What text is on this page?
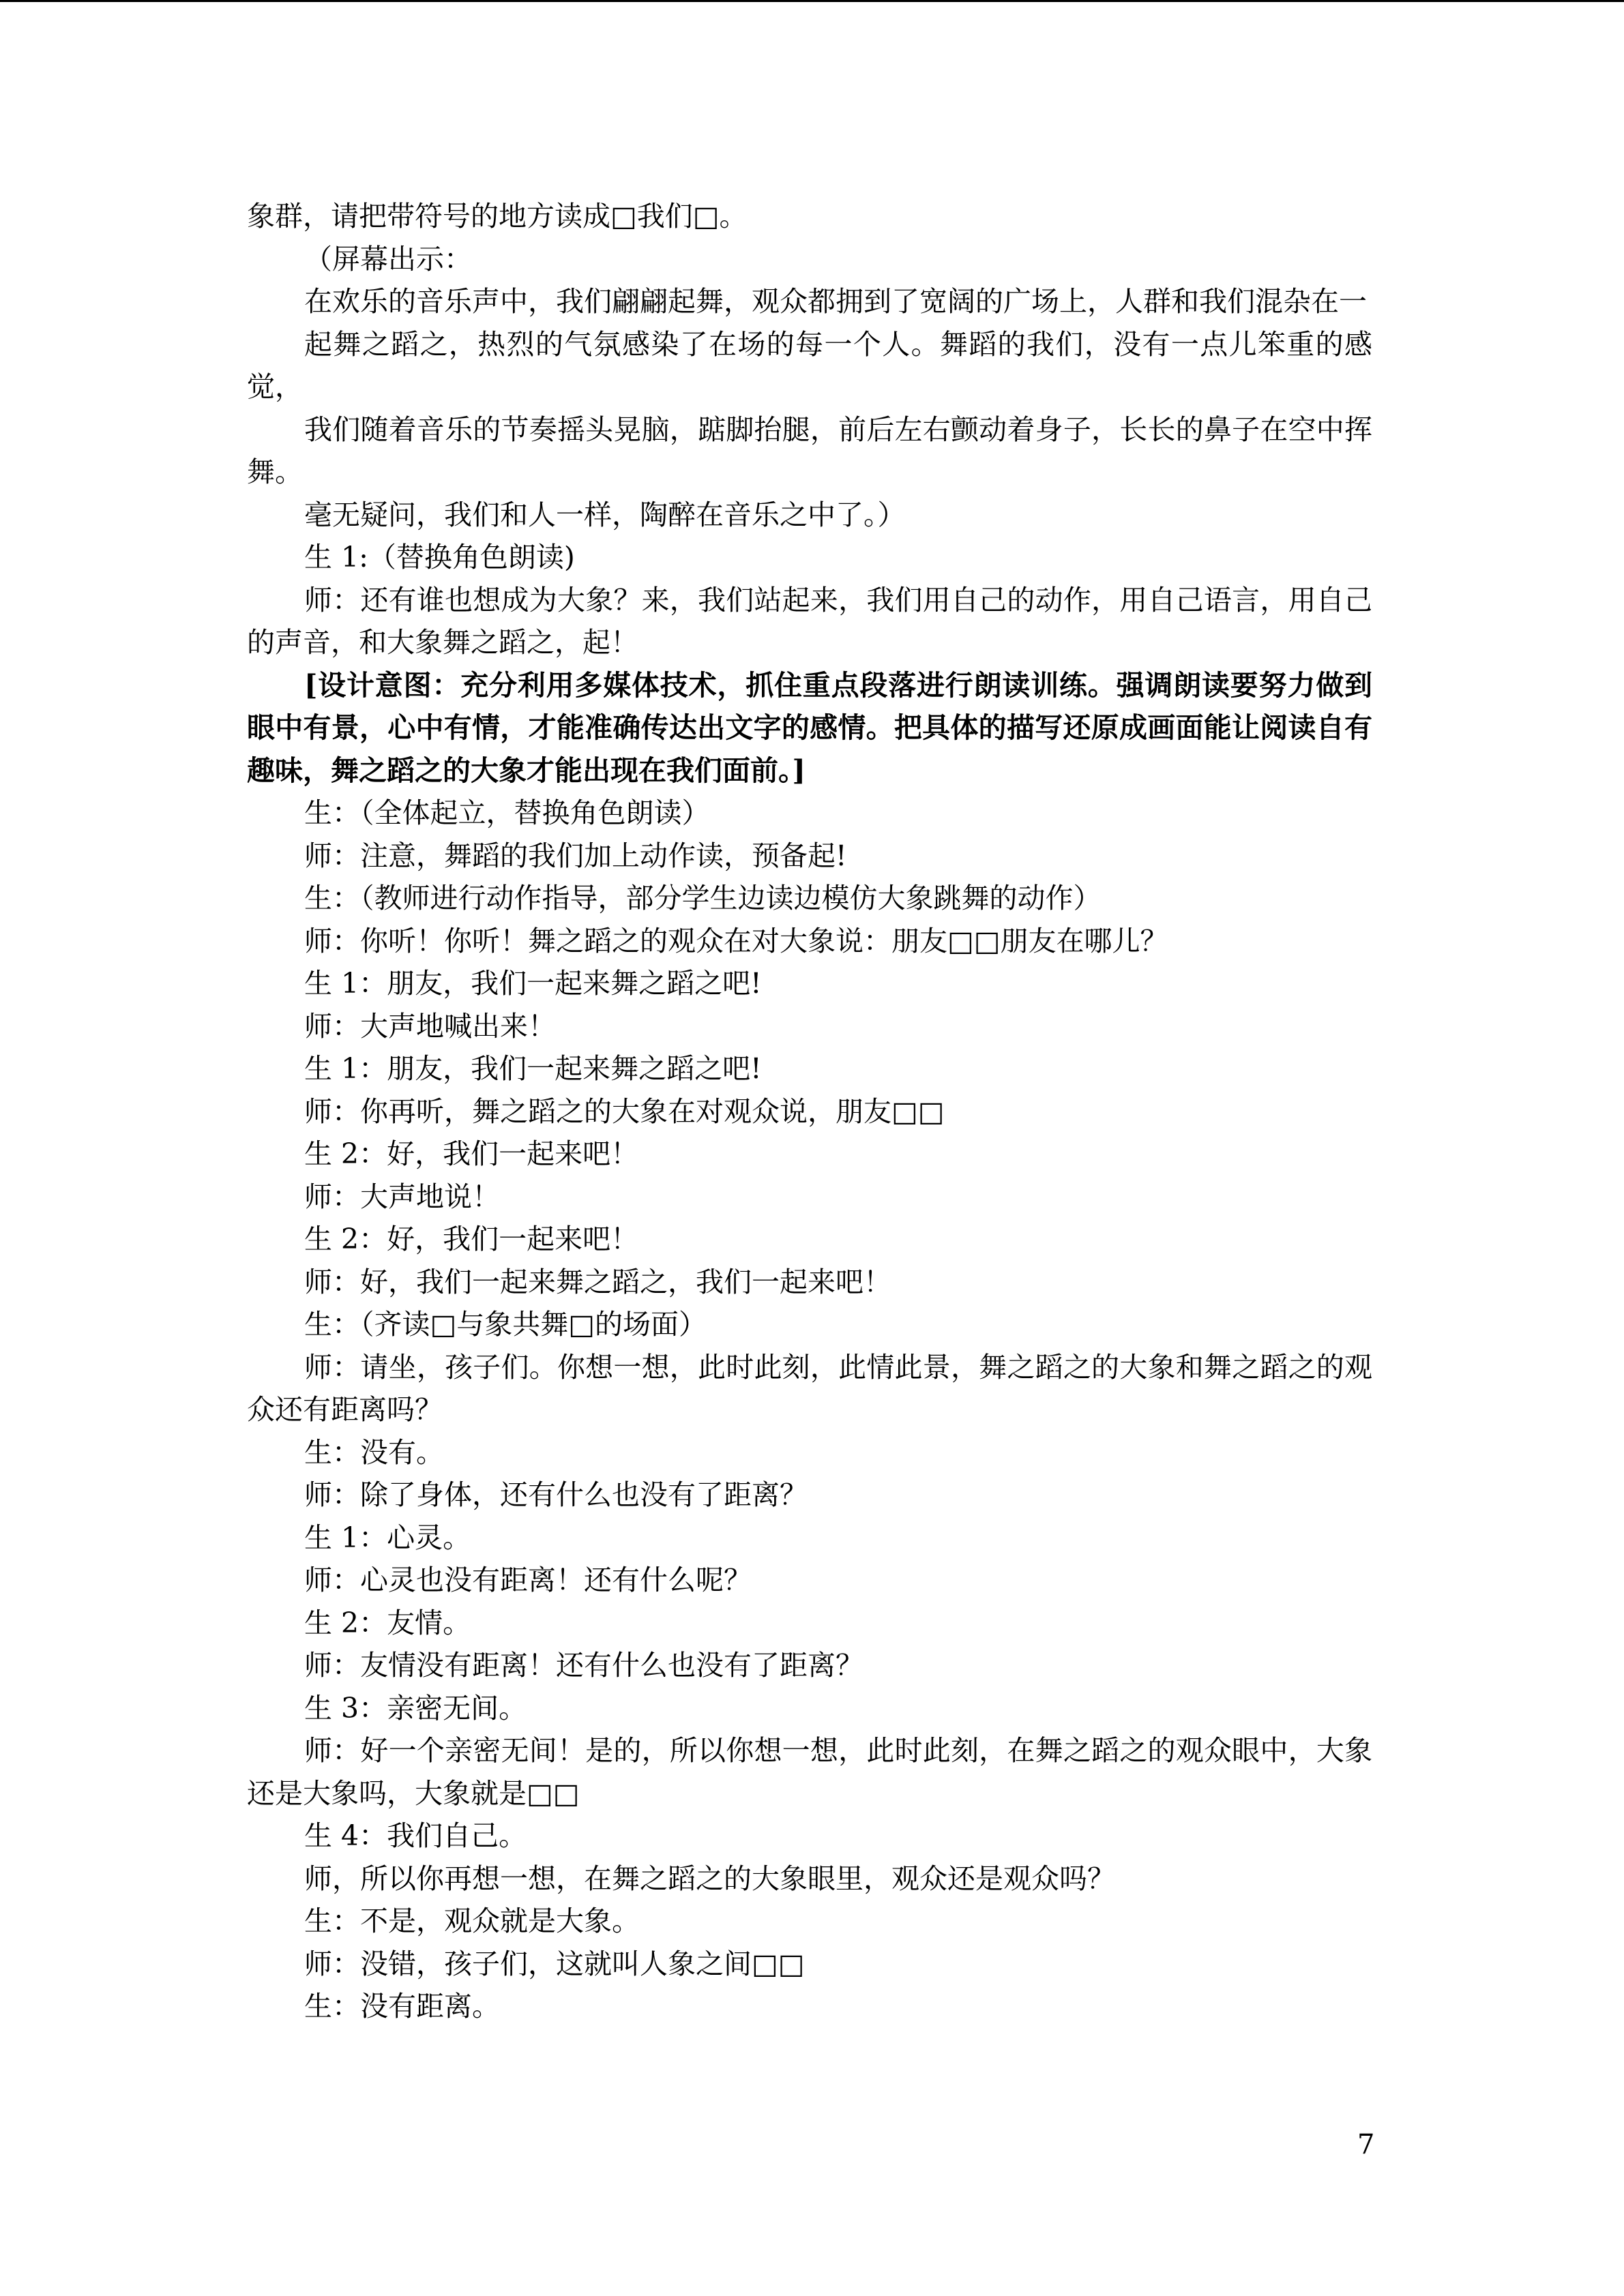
象群，请把带符号的地方读成□我们□。

（屏幕出示：

在欢乐的音乐声中，我们翩翩起舞，观众都拥到了宽阔的广场上，人群和我们混杂在一

起舞之蹈之，热烈的气氛感染了在场的每一个人。舞蹈的我们，没有一点儿笨重的感觉，

我们随着音乐的节奏摇头晃脑，踮脚抬腿，前后左右颤动着身子，长长的鼻子在空中挥舞。

毫无疑问，我们和人一样，陶醉在音乐之中了。）

生 1:（替换角色朗读)

师：还有谁也想成为大象？来，我们站起来，我们用自己的动作，用自己语言，用自己的声音，和大象舞之蹈之，起！

[设计意图：充分利用多媒体技术，抓住重点段落进行朗读训练。强调朗读要努力做到眼中有景，心中有情，才能准确传达出文字的感情。把具体的描写还原成画面能让阅读自有趣味，舞之蹈之的大象才能出现在我们面前。]

生：（全体起立，替换角色朗读）

师：注意，舞蹈的我们加上动作读，预备起!

生：（教师进行动作指导，部分学生边读边模仿大象跳舞的动作）

师：你听！你听！舞之蹈之的观众在对大象说：朋友□□朋友在哪儿？

生 1：朋友，我们一起来舞之蹈之吧!

师：大声地喊出来！

生 1：朋友，我们一起来舞之蹈之吧!

师：你再听，舞之蹈之的大象在对观众说，朋友□□

生 2：好，我们一起来吧！

师：大声地说！

生 2：好，我们一起来吧！

师：好，我们一起来舞之蹈之，我们一起来吧！

生：（齐读□与象共舞□的场面）

师：请坐，孩子们。你想一想，此时此刻，此情此景，舞之蹈之的大象和舞之蹈之的观众还有距离吗？

生：没有。

师：除了身体，还有什么也没有了距离？

生 1：心灵。

师：心灵也没有距离！还有什么呢？

生 2：友情。

师：友情没有距离！还有什么也没有了距离？

生 3：亲密无间。

师：好一个亲密无间！是的，所以你想一想，此时此刻，在舞之蹈之的观众眼中，大象还是大象吗，大象就是□□

生 4：我们自己。

师，所以你再想一想，在舞之蹈之的大象眼里，观众还是观众吗？

生：不是，观众就是大象。

师：没错，孩子们，这就叫人象之间□□

生：没有距离。

7
